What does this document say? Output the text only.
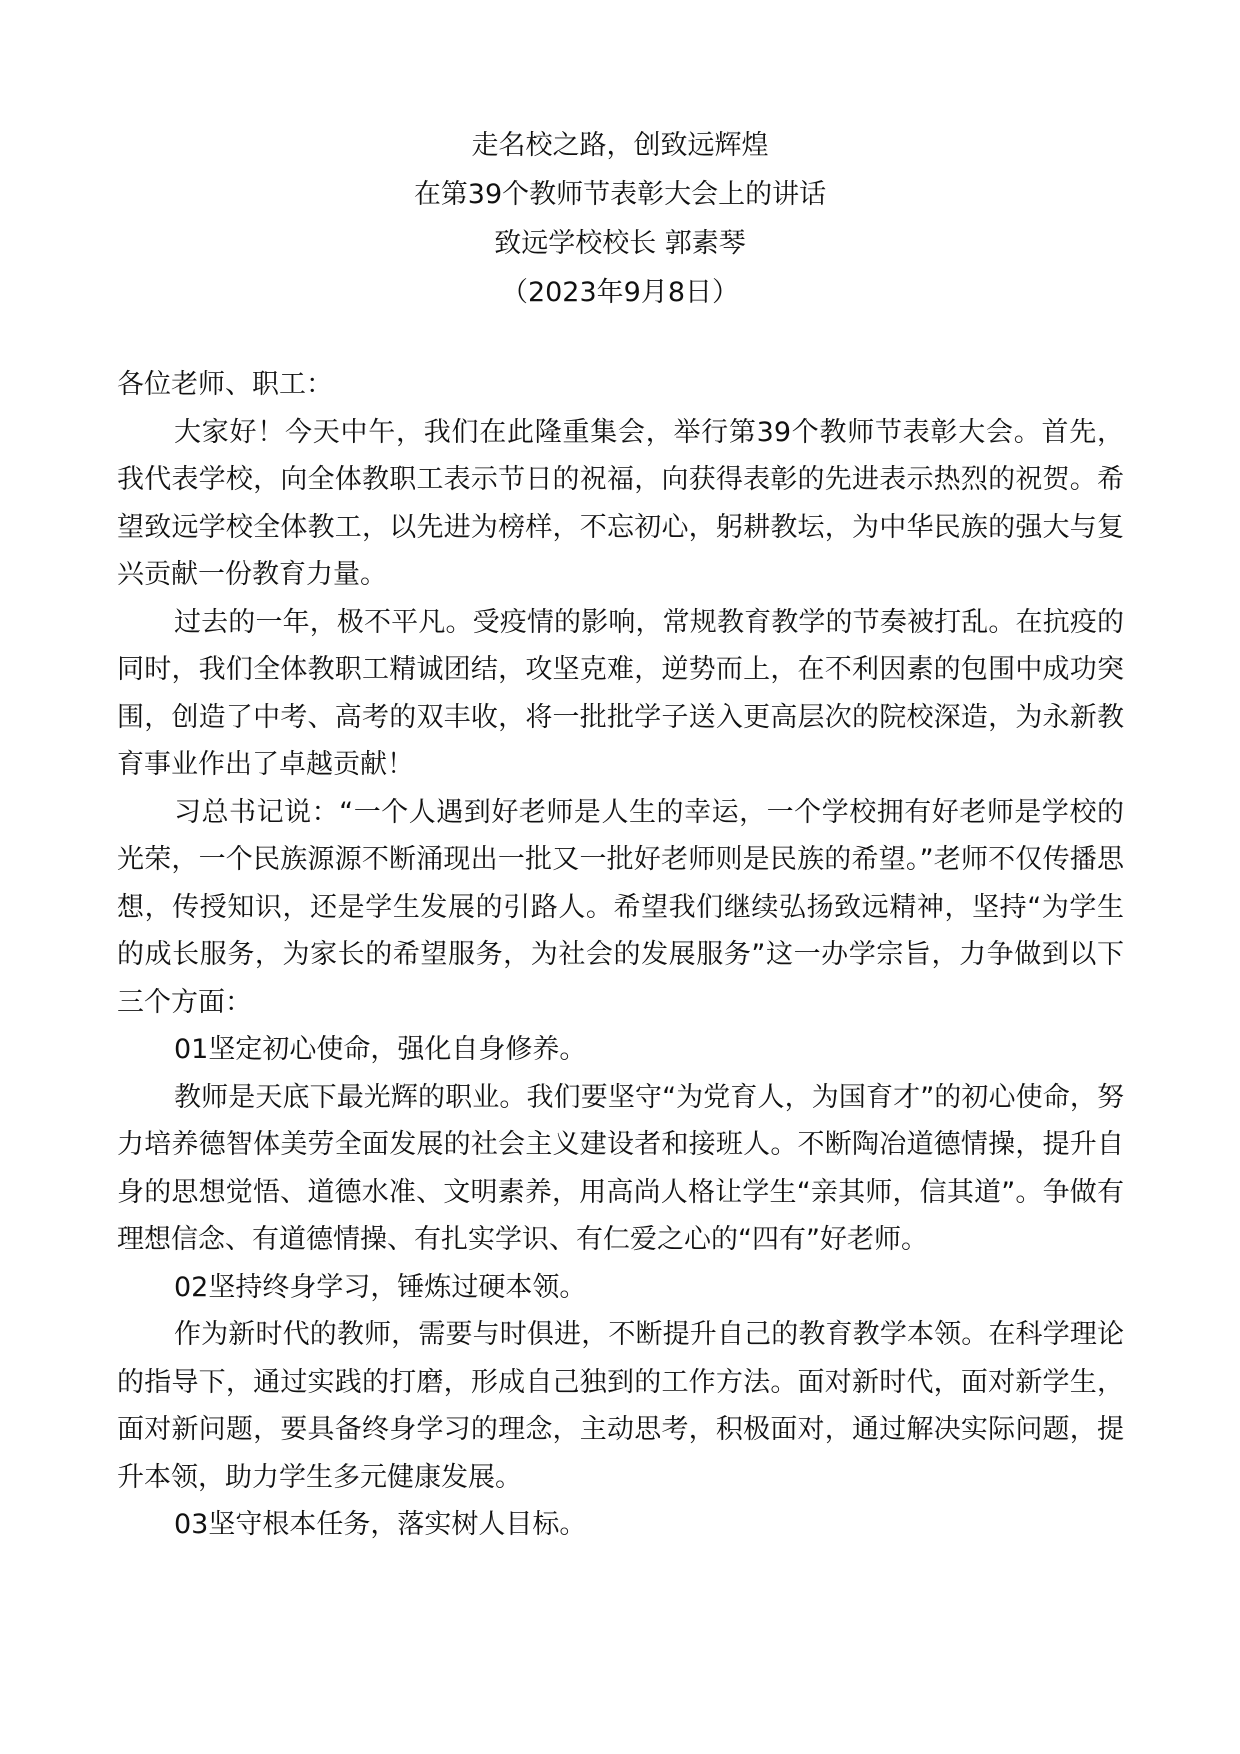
走名校之路，创致远辉煌
在第39个教师节表彰大会上的讲话
致远学校校长 郭素琴
（2023年9月8日）

各位老师、职工：

大家好！今天中午，我们在此隆重集会，举行第39个教师节表彰大会。首先，我代表学校，向全体教职工表示节日的祝福，向获得表彰的先进表示热烈的祝贺。希望致远学校全体教工，以先进为榜样，不忘初心，躬耕教坛，为中华民族的强大与复兴贡献一份教育力量。

过去的一年，极不平凡。受疫情的影响，常规教育教学的节奏被打乱。在抗疫的同时，我们全体教职工精诚团结，攻坚克难，逆势而上，在不利因素的包围中成功突围，创造了中考、高考的双丰收，将一批批学子送入更高层次的院校深造，为永新教育事业作出了卓越贡献！

习总书记说：“一个人遇到好老师是人生的幸运，一个学校拥有好老师是学校的光荣，一个民族源源不断涌现出一批又一批好老师则是民族的希望。”老师不仅传播思想，传授知识，还是学生发展的引路人。希望我们继续弘扬致远精神，坚持“为学生的成长服务，为家长的希望服务，为社会的发展服务”这一办学宗旨，力争做到以下三个方面：

01坚定初心使命，强化自身修养。

教师是天底下最光辉的职业。我们要坚守“为党育人，为国育才”的初心使命，努力培养德智体美劳全面发展的社会主义建设者和接班人。不断陶冶道德情操，提升自身的思想觉悟、道德水准、文明素养，用高尚人格让学生“亲其师，信其道”。争做有理想信念、有道德情操、有扎实学识、有仁爱之心的“四有”好老师。

02坚持终身学习，锤炼过硬本领。

作为新时代的教师，需要与时俱进，不断提升自己的教育教学本领。在科学理论的指导下，通过实践的打磨，形成自己独到的工作方法。面对新时代，面对新学生，面对新问题，要具备终身学习的理念，主动思考，积极面对，通过解决实际问题，提升本领，助力学生多元健康发展。

03坚守根本任务，落实树人目标。
